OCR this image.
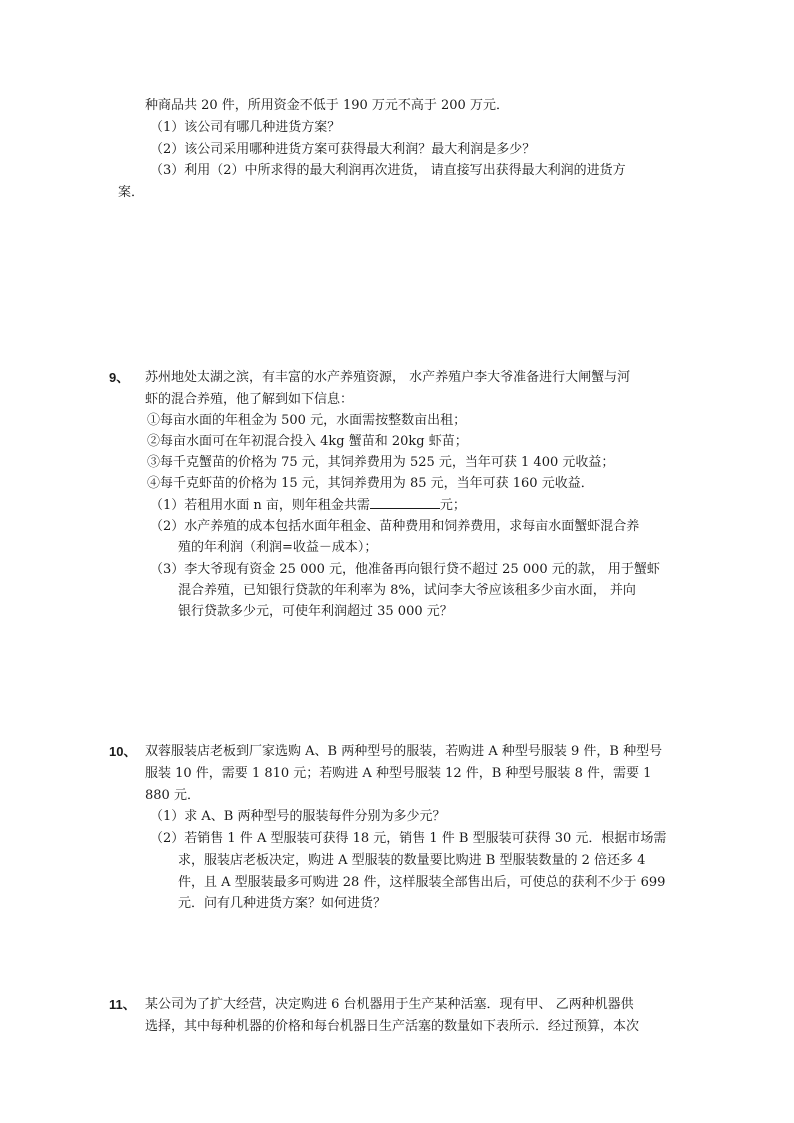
种商品共 20 件，所用资金不低于 190 万元不高于 200 万元．
（1）该公司有哪几种进货方案？
（2）该公司采用哪种进货方案可获得最大利润？最大利润是多少？
（3）利用（2）中所求得的最大利润再次进货， 请直接写出获得最大利润的进货方
案．
9、 苏州地处太湖之滨，有丰富的水产养殖资源， 水产养殖户李大爷准备进行大闸蟹与河
虾的混合养殖，他了解到如下信息：
①每亩水面的年租金为 500 元，水面需按整数亩出租；
②每亩水面可在年初混合投入 4kg 蟹苗和 20kg 虾苗；
③每千克蟹苗的价格为 75 元，其饲养费用为 525 元，当年可获 1 400 元收益；
④每千克虾苗的价格为 15 元，其饲养费用为 85 元，当年可获 160 元收益．
（1）若租用水面 n 亩，则年租金共需	元；
（2）水产养殖的成本包括水面年租金、苗种费用和饲养费用，求每亩水面蟹虾混合养
殖的年利润（利润=收益－成本）；
（3）李大爷现有资金 25 000 元，他准备再向银行贷不超过 25 000 元的款， 用于蟹虾
混合养殖，已知银行贷款的年利率为 8%，试问李大爷应该租多少亩水面， 并向
银行贷款多少元，可使年利润超过 35 000 元？
10、 双蓉服装店老板到厂家选购 A、B 两种型号的服装，若购进 A 种型号服装 9 件，B 种型号
服装 10 件，需要 1 810 元；若购进 A 种型号服装 12 件，B 种型号服装 8 件，需要 1
880 元．
（1）求 A、B 两种型号的服装每件分别为多少元？
（2）若销售 1 件 A 型服装可获得 18 元，销售 1 件 B 型服装可获得 30 元．根据市场需
求，服装店老板决定，购进 A 型服装的数量要比购进 B 型服装数量的 2 倍还多 4
件，且 A 型服装最多可购进 28 件，这样服装全部售出后，可使总的获利不少于 699
元．问有几种进货方案？如何进货？
11、 某公司为了扩大经营，决定购进 6 台机器用于生产某种活塞．现有甲、 乙两种机器供
选择，其中每种机器的价格和每台机器日生产活塞的数量如下表所示．经过预算，本次
